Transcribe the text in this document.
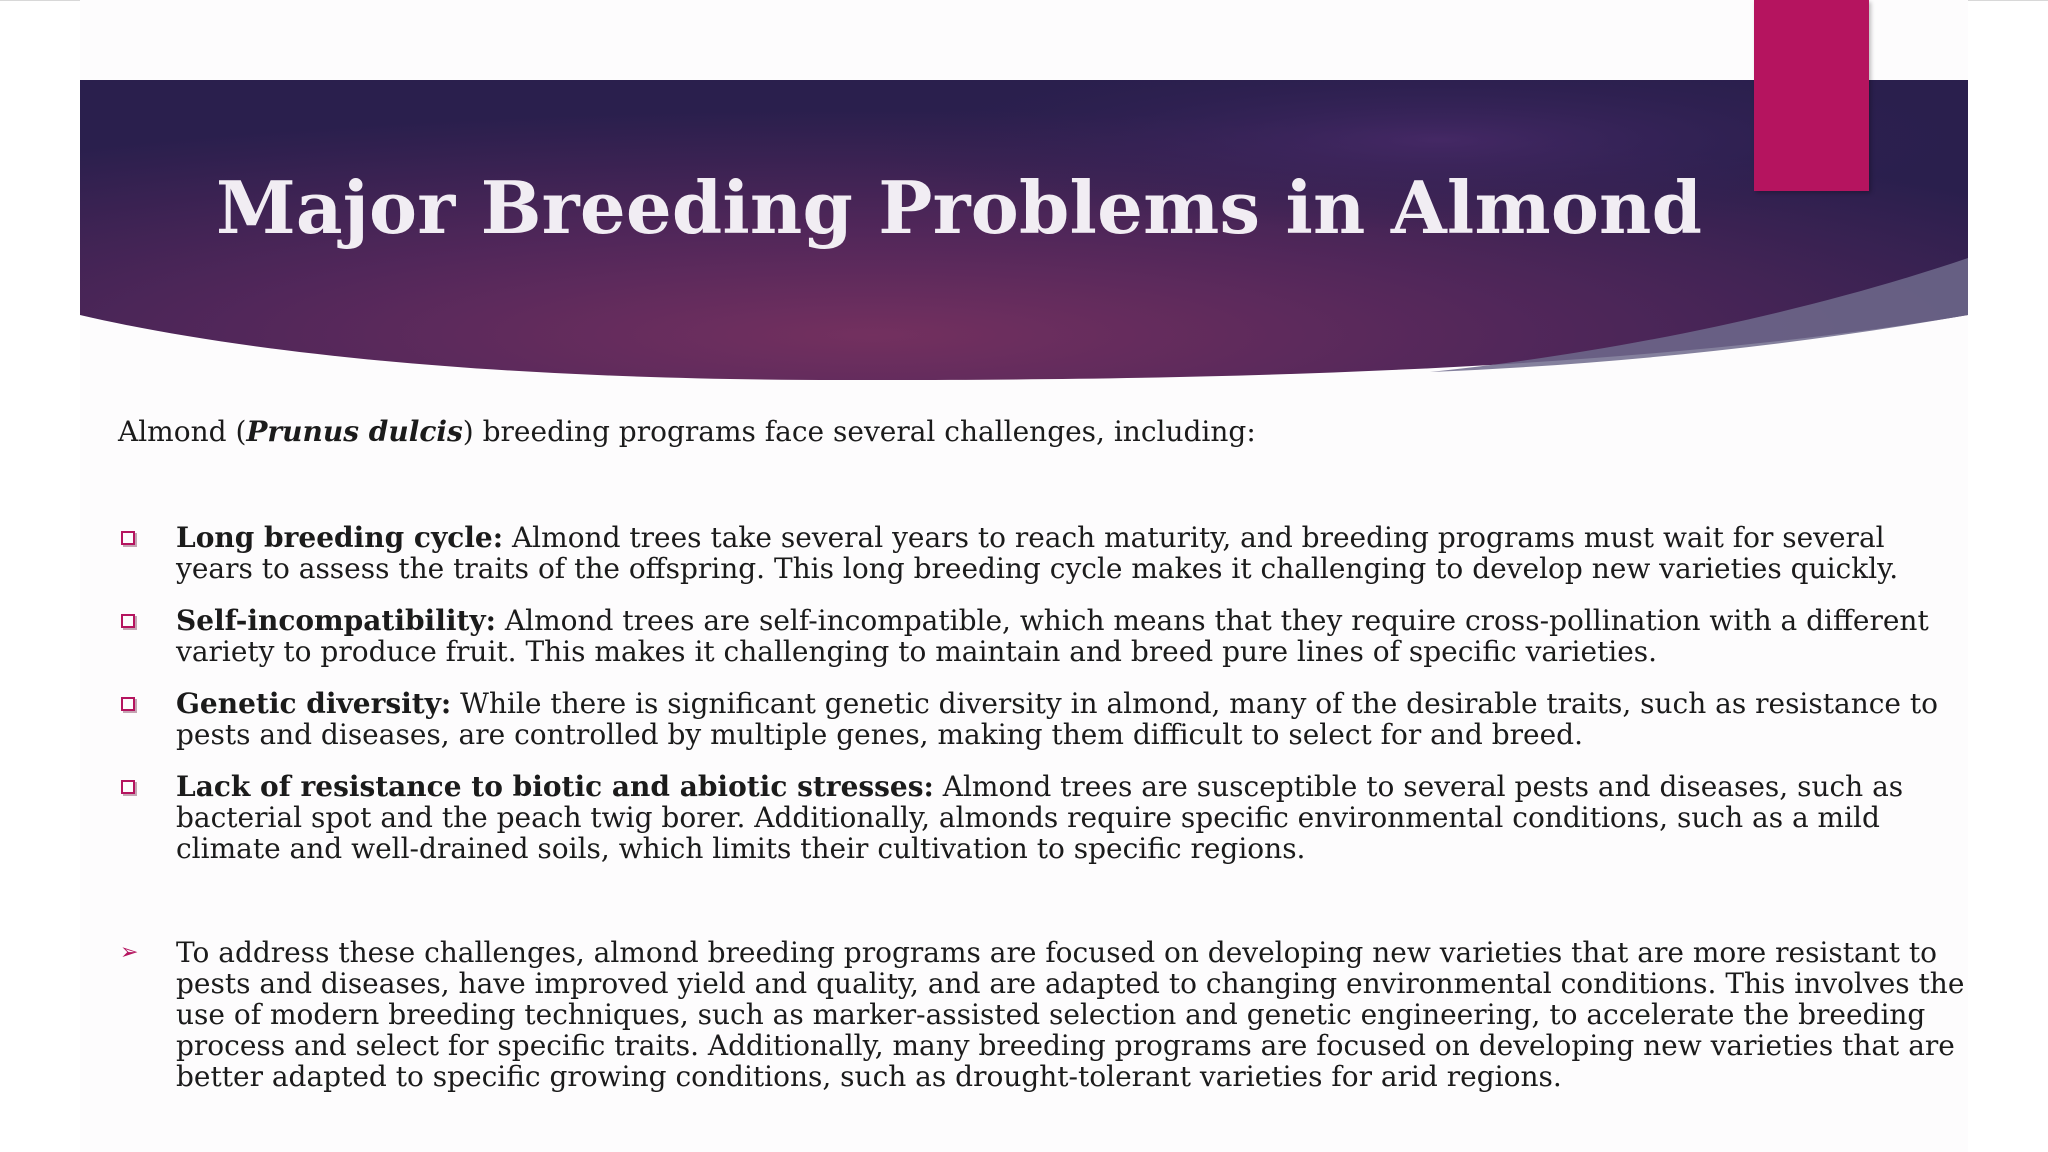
Major Breeding Problems in Almond

Almond (Prunus dulcis) breeding programs face several challenges, including:

Long breeding cycle: Almond trees take several years to reach maturity, and breeding programs must wait for several years to assess the traits of the offspring. This long breeding cycle makes it challenging to develop new varieties quickly.
Self-incompatibility: Almond trees are self-incompatible, which means that they require cross-pollination with a different variety to produce fruit. This makes it challenging to maintain and breed pure lines of specific varieties.
Genetic diversity: While there is significant genetic diversity in almond, many of the desirable traits, such as resistance to pests and diseases, are controlled by multiple genes, making them difficult to select for and breed.
Lack of resistance to biotic and abiotic stresses: Almond trees are susceptible to several pests and diseases, such as bacterial spot and the peach twig borer. Additionally, almonds require specific environmental conditions, such as a mild climate and well-drained soils, which limits their cultivation to specific regions.
➢ To address these challenges, almond breeding programs are focused on developing new varieties that are more resistant to pests and diseases, have improved yield and quality, and are adapted to changing environmental conditions. This involves the use of modern breeding techniques, such as marker-assisted selection and genetic engineering, to accelerate the breeding process and select for specific traits. Additionally, many breeding programs are focused on developing new varieties that are better adapted to specific growing conditions, such as drought-tolerant varieties for arid regions.
